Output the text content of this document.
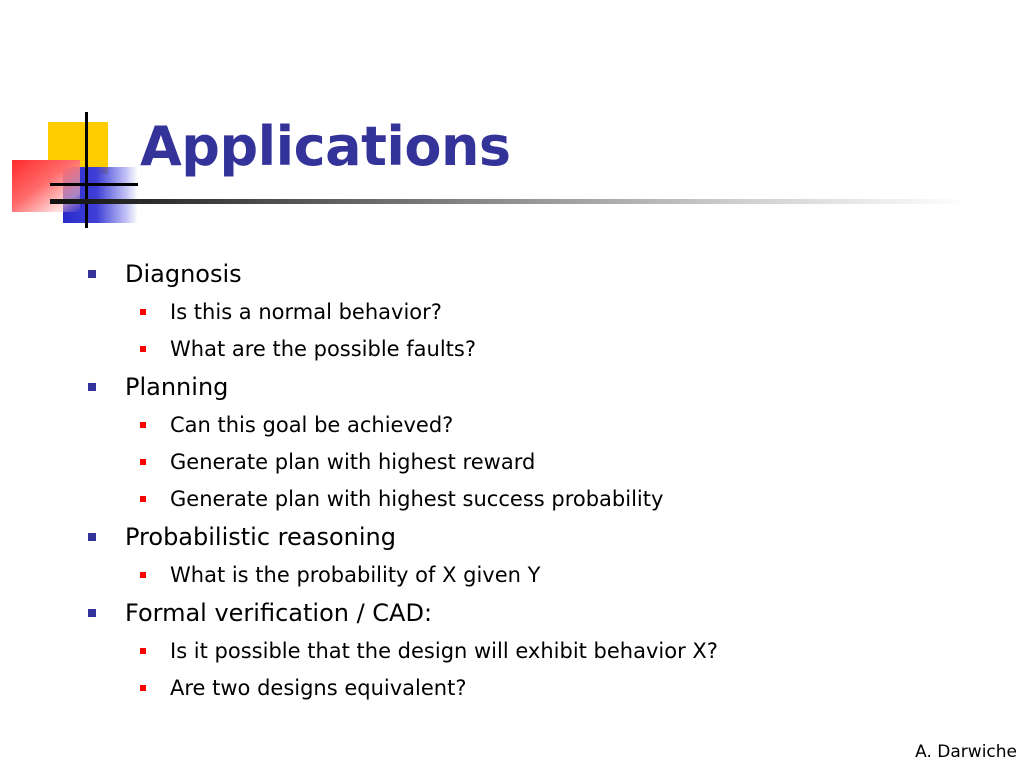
Applications
Diagnosis
Is this a normal behavior?
What are the possible faults?
Planning
Can this goal be achieved?
Generate plan with highest reward
Generate plan with highest success probability
Probabilistic reasoning
What is the probability of X given Y
Formal verification / CAD:
Is it possible that the design will exhibit behavior X?
Are two designs equivalent?
A. Darwiche
